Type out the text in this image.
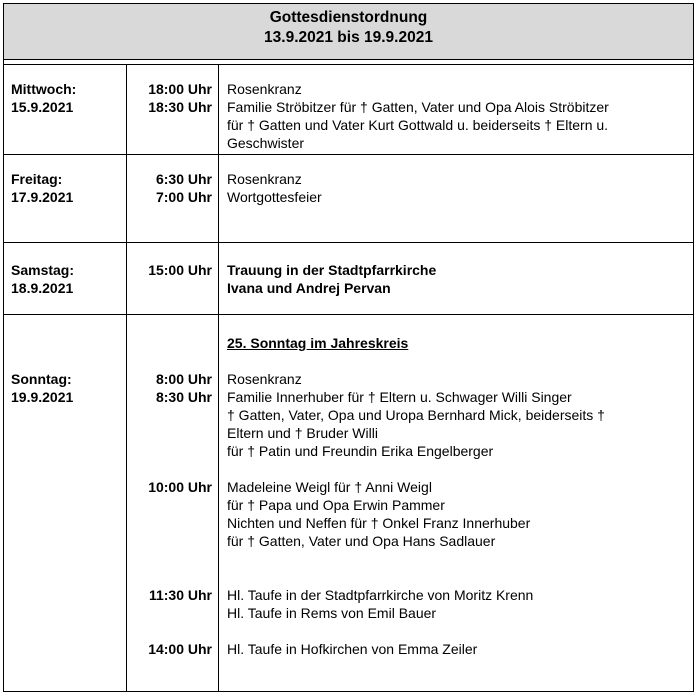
Gottesdienstordnung
13.9.2021 bis 19.9.2021
Mittwoch:
15.9.2021
18:00 Uhr
18:30 Uhr
Rosenkranz
Familie Ströbitzer für † Gatten, Vater und Opa Alois Ströbitzer
für † Gatten und Vater Kurt Gottwald u. beiderseits † Eltern u.
Geschwister
Freitag:
17.9.2021
6:30 Uhr
7:00 Uhr
Rosenkranz
Wortgottesfeier
Samstag:
18.9.2021
15:00 Uhr Trauung in der Stadtpfarrkirche
Ivana und Andrej Pervan
25. Sonntag im Jahreskreis
Sonntag:
19.9.2021
8:00 Uhr
8:30 Uhr
Rosenkranz
Familie Innerhuber für † Eltern u. Schwager Willi Singer
† Gatten, Vater, Opa und Uropa Bernhard Mick, beiderseits †
Eltern und † Bruder Willi
für † Patin und Freundin Erika Engelberger
10:00 Uhr Madeleine Weigl für † Anni Weigl
für † Papa und Opa Erwin Pammer
Nichten und Neffen für † Onkel Franz Innerhuber
für † Gatten, Vater und Opa Hans Sadlauer
11:30 Uhr Hl. Taufe in der Stadtpfarrkirche von Moritz Krenn
Hl. Taufe in Rems von Emil Bauer
14:00 Uhr Hl. Taufe in Hofkirchen von Emma Zeiler
